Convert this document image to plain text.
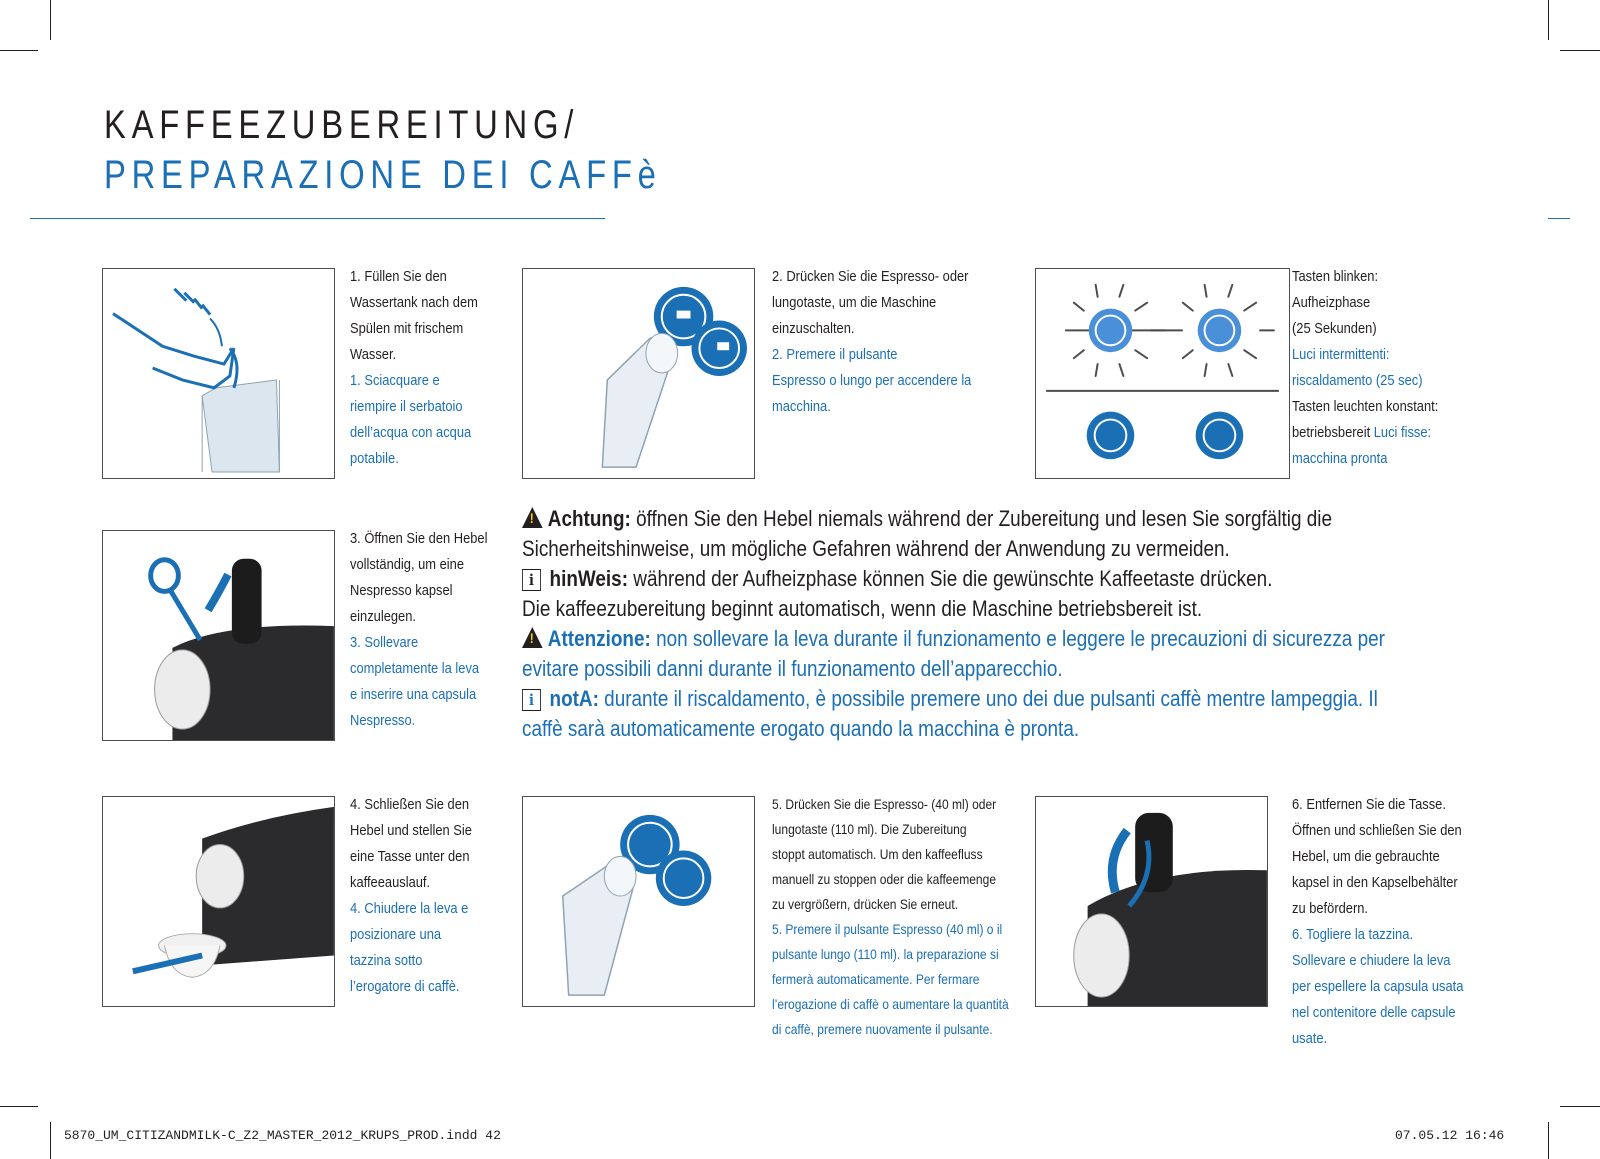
KAFFEEZUBEREITUNG/
PREPARAZIONE DEI CAFFè

1. Füllen Sie den
Wassertank nach dem
Spülen mit frischem
Wasser.

1. Sciacquare e
riempire il serbatoio
dell’acqua con acqua
potabile.

2. Drücken Sie die Espresso- oder
lungotaste, um die Maschine
einzuschalten.

2. Premere il pulsante
Espresso o lungo per accendere la
macchina.

Tasten blinken:
Aufheizphase
(25 Sekunden)

Luci intermittenti:
riscaldamento (25 sec)

Tasten leuchten konstant:
betriebsbereit Luci fisse:

macchina pronta

3. Öffnen Sie den Hebel
vollständig, um eine
Nespresso kapsel
einzulegen.

3. Sollevare
completamente la leva
e inserire una capsula
Nespresso.

!Achtung: öffnen Sie den Hebel niemals während der Zubereitung und lesen Sie sorgfältig die

Sicherheitshinweise, um mögliche Gefahren während der Anwendung zu vermeiden.

i hinWeis: während der Aufheizphase können Sie die gewünschte Kaffeetaste drücken.

Die kaffeezubereitung beginnt automatisch, wenn die Maschine betriebsbereit ist.

!Attenzione: non sollevare la leva durante il funzionamento e leggere le precauzioni di sicurezza per

evitare possibili danni durante il funzionamento dell’apparecchio.

i notA: durante il riscaldamento, è possibile premere uno dei due pulsanti caffè mentre lampeggia. Il

caffè sarà automaticamente erogato quando la macchina è pronta.

4. Schließen Sie den
Hebel und stellen Sie
eine Tasse unter den
kaffeeauslauf.

4. Chiudere la leva e
posizionare una
tazzina sotto
l’erogatore di caffè.

5. Drücken Sie die Espresso- (40 ml) oder
lungotaste (110 ml). Die Zubereitung
stoppt automatisch. Um den kaffeefluss
manuell zu stoppen oder die kaffeemenge
zu vergrößern, drücken Sie erneut.

5. Premere il pulsante Espresso (40 ml) o il
pulsante lungo (110 ml). la preparazione si
fermerà automaticamente. Per fermare
l’erogazione di caffè o aumentare la quantità
di caffè, premere nuovamente il pulsante.

6. Entfernen Sie die Tasse.
Öffnen und schließen Sie den
Hebel, um die gebrauchte
kapsel in den Kapselbehälter
zu befördern.

6. Togliere la tazzina.
Sollevare e chiudere la leva
per espellere la capsula usata
nel contenitore delle capsule
usate.

5870_UM_CITIZANDMILK-C_Z2_MASTER_2012_KRUPS_PROD.indd 42	07.05.12 16:46
